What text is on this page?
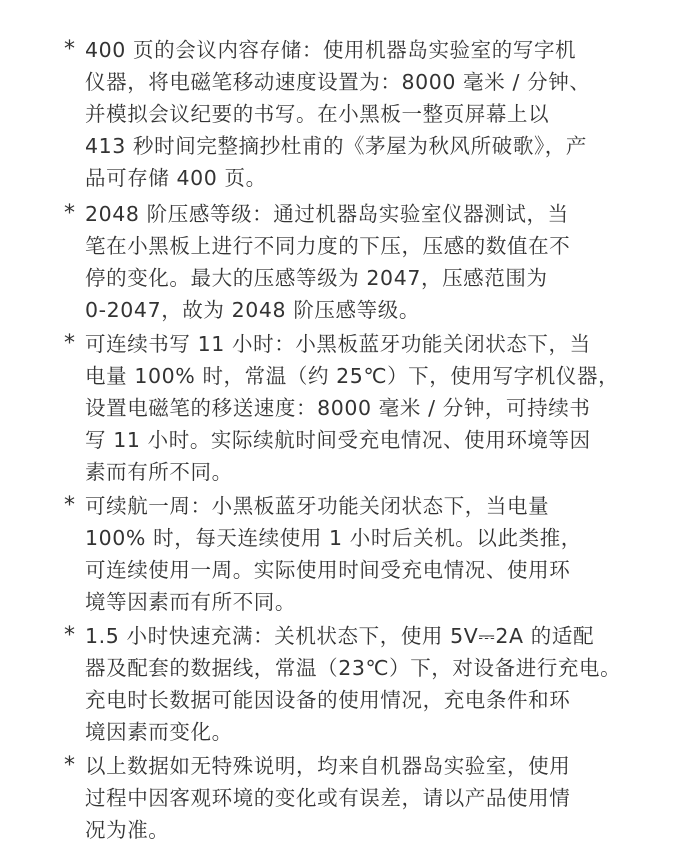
* 400 页的会议内容存储：使用机器岛实验室的写字机
仪器，将电磁笔移动速度设置为：8000 毫米 / 分钟、
并模拟会议纪要的书写。在小黑板一整页屏幕上以
413 秒时间完整摘抄杜甫的《茅屋为秋风所破歌》，产
品可存储 400 页。
* 2048 阶压感等级：通过机器岛实验室仪器测试，当
笔在小黑板上进行不同力度的下压，压感的数值在不
停的变化。最大的压感等级为 2047，压感范围为
0-2047，故为 2048 阶压感等级。
* 可连续书写 11 小时：小黑板蓝牙功能关闭状态下，当
电量 100% 时，常温（约 25℃）下，使用写字机仪器，
设置电磁笔的移送速度：8000 毫米 / 分钟，可持续书
写 11 小时。实际续航时间受充电情况、使用环境等因
素而有所不同。
* 可续航一周：小黑板蓝牙功能关闭状态下，当电量
100% 时，每天连续使用 1 小时后关机。以此类推，
可连续使用一周。实际使用时间受充电情况、使用环
境等因素而有所不同。
* 1.5 小时快速充满：关机状态下，使用 5V⎓2A 的适配
器及配套的数据线，常温（23℃）下，对设备进行充电。
充电时长数据可能因设备的使用情况，充电条件和环
境因素而变化。
* 以上数据如无特殊说明，均来自机器岛实验室，使用
过程中因客观环境的变化或有误差，请以产品使用情
况为准。
